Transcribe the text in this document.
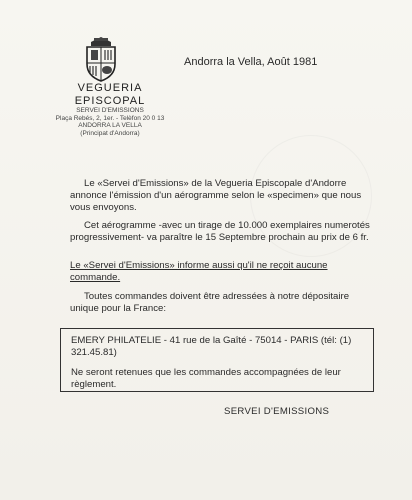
VEGUERIA EPISCOPAL
SERVEI D'EMISSIONS
Plaça Rebés, 2, 1er. - Telèfon 20 0 13
ANDORRA LA VELLA
(Principat d'Andorra)
Andorra la Vella, Août 1981
Le «Servei d'Emissions» de la Vegueria Episcopale d'Andorre annonce l'émission d'un aérogramme selon le «specimen» que nous vous envoyons.
Cet aérogramme -avec un tirage de 10.000 exemplaires numerotés progressivement- va paraître le 15 Septembre prochain au prix de 6 fr.
Le «Servei d'Emissions» informe aussi qu'il ne reçoit aucune commande.
Toutes commandes doivent être adressées à notre dépositaire unique pour la France:
EMERY PHILATELIE - 41 rue de la Gaîté - 75014 - PARIS (tél: (1) 321.45.81)
Ne seront retenues que les commandes accompagnées de leur règlement.
SERVEI D'EMISSIONS
